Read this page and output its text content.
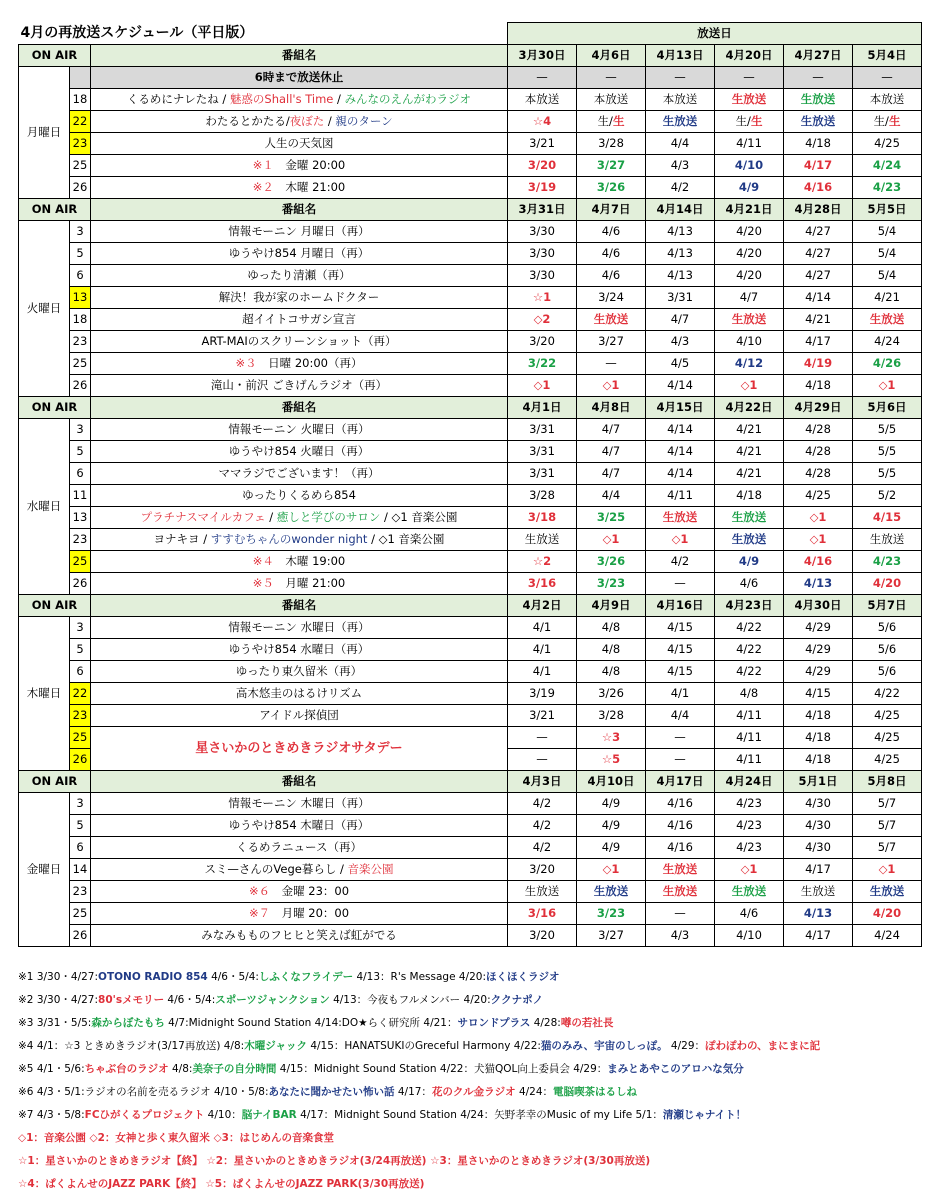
4月の再放送スケジュール（平日版）			放送日					
ON AIR		番組名	3月30日	4月6日	4月13日	4月20日	4月27日	5月4日
月曜日		6時まで放送休止	—	—	—	—	—	—
	18	くるめにナレたね / 魅惑のShall's Time / みんなのえんがわラジオ	本放送	本放送	本放送	生放送	生放送	本放送
	22	わたるとかたる/夜ぼた / 親のターン	☆4	生/生	生放送	生/生	生放送	生/生
	23	人生の天気図	3/21	3/28	4/4	4/11	4/18	4/25
	25	※１　金曜 20:00	3/20	3/27	4/3	4/10	4/17	4/24
	26	※２　木曜 21:00	3/19	3/26	4/2	4/9	4/16	4/23
ON AIR		番組名	3月31日	4月7日	4月14日	4月21日	4月28日	5月5日
火曜日	3	情報モーニン 月曜日（再）	3/30	4/6	4/13	4/20	4/27	5/4
	5	ゆうやけ854 月曜日（再）	3/30	4/6	4/13	4/20	4/27	5/4
	6	ゆったり清瀬（再）	3/30	4/6	4/13	4/20	4/27	5/4
	13	解決！我が家のホームドクター	☆1	3/24	3/31	4/7	4/14	4/21
	18	超イイトコサガシ宣言	◇2	生放送	4/7	生放送	4/21	生放送
	23	ART-MAIのスクリーンショット（再）	3/20	3/27	4/3	4/10	4/17	4/24
	25	※３　日曜 20:00（再）	3/22	—	4/5	4/12	4/19	4/26
	26	滝山・前沢 ごきげんラジオ（再）	◇1	◇1	4/14	◇1	4/18	◇1
ON AIR		番組名	4月1日	4月8日	4月15日	4月22日	4月29日	5月6日
水曜日	3	情報モーニン 火曜日（再）	3/31	4/7	4/14	4/21	4/28	5/5
	5	ゆうやけ854 火曜日（再）	3/31	4/7	4/14	4/21	4/28	5/5
	6	ママラジでございます！（再）	3/31	4/7	4/14	4/21	4/28	5/5
	11	ゆったりくるめら854	3/28	4/4	4/11	4/18	4/25	5/2
	13	プラチナスマイルカフェ / 癒しと学びのサロン / ◇1 音楽公園	3/18	3/25	生放送	生放送	◇1	4/15
	23	ヨナキヨ / すすむちゃんのwonder night / ◇1 音楽公園	生放送	◇1	◇1	生放送	◇1	生放送
	25	※４　木曜 19:00	☆2	3/26	4/2	4/9	4/16	4/23
	26	※５　月曜 21:00	3/16	3/23	—	4/6	4/13	4/20
ON AIR		番組名	4月2日	4月9日	4月16日	4月23日	4月30日	5月7日
木曜日	3	情報モーニン 水曜日（再）	4/1	4/8	4/15	4/22	4/29	5/6
	5	ゆうやけ854 水曜日（再）	4/1	4/8	4/15	4/22	4/29	5/6
	6	ゆったり東久留米（再）	4/1	4/8	4/15	4/22	4/29	5/6
	22	高木悠圭のはるけリズム	3/19	3/26	4/1	4/8	4/15	4/22
	23	アイドル探偵団	3/21	3/28	4/4	4/11	4/18	4/25
	25	星さいかのときめきラジオサタデー	—	☆3	—	4/11	4/18	4/25
	26		—	☆5	—	4/11	4/18	4/25
ON AIR		番組名	4月3日	4月10日	4月17日	4月24日	5月1日	5月8日
金曜日	3	情報モーニン 木曜日（再）	4/2	4/9	4/16	4/23	4/30	5/7
	5	ゆうやけ854 木曜日（再）	4/2	4/9	4/16	4/23	4/30	5/7
	6	くるめラニュース（再）	4/2	4/9	4/16	4/23	4/30	5/7
	14	スミ—さんのVege暮らし / 音楽公園	3/20	◇1	生放送	◇1	4/17	◇1
	23	※６　金曜 23：00	生放送	生放送	生放送	生放送	生放送	生放送
	25	※７　月曜 20：00	3/16	3/23	—	4/6	4/13	4/20
	26	みなみもものフヒヒと笑えば虹がでる	3/20	3/27	4/3	4/10	4/17	4/24
※1 3/30・4/27:OTONO RADIO 854 4/6・5/4:しふくなフライデー 4/13：R's Message 4/20:ほくほくラジオ
※2 3/30・4/27:80'sメモリー 4/6・5/4:スポーツジャンクション 4/13：今夜もフルメンバー 4/20:ククナポノ
※3 3/31・5/5:森からぼたもち 4/7:Midnight Sound Station 4/14:DO★らく研究所 4/21：サロンドプラス 4/28:噂の若社長
※4 4/1：☆3 ときめきラジオ(3/17再放送) 4/8:木曜ジャック 4/15：HANATSUKIのGreceful Harmony 4/22:猫のみみ、宇宙のしっぽ。 4/29：ぽわぽわの、まにまに記
※5 4/1・5/6:ちゃぶ台のラジオ 4/8:美奈子の自分時間 4/15：Midnight Sound Station 4/22：犬猫QOL向上委員会 4/29：まみとあやこのアロハな気分
※6 4/3・5/1:ラジオの名前を売るラジオ 4/10・5/8:あなたに聞かせたい怖い話 4/17：花のクル金ラジオ 4/24：電脳喫茶はるしね
※7 4/3・5/8:FCひがくるプロジェクト 4/10：脳ナイBAR 4/17：Midnight Sound Station 4/24：矢野孝幸のMusic of my Life 5/1：清瀬じゃナイト！
◇1：音楽公園 ◇2：女神と歩く東久留米 ◇3：はじめんの音楽食堂
☆1：星さいかのときめきラジオ【終】 ☆2：星さいかのときめきラジオ(3/24再放送) ☆3：星さいかのときめきラジオ(3/30再放送)
☆4：ぱくよんせのJAZZ PARK【終】 ☆5：ぱくよんせのJAZZ PARK(3/30再放送)
